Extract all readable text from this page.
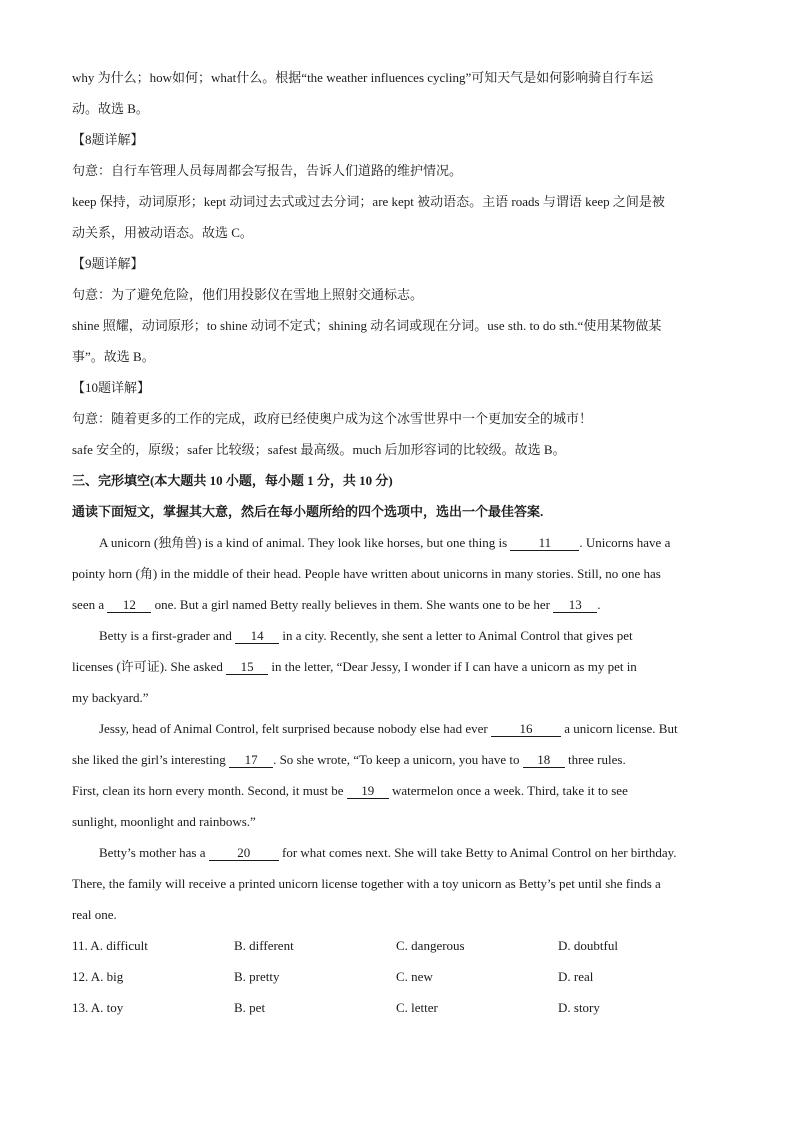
why 为什么；how如何；what什么。根据“the weather influences cycling”可知天气是如何影响骑自行车运

动。故选 B。

【8题详解】

句意：自行车管理人员每周都会写报告，告诉人们道路的维护情况。

keep 保持，动词原形；kept 动词过去式或过去分词；are kept 被动语态。主语 roads 与谓语 keep 之间是被

动关系，用被动语态。故选 C。

【9题详解】

句意：为了避免危险，他们用投影仪在雪地上照射交通标志。

shine 照耀，动词原形；to shine 动词不定式；shining 动名词或现在分词。use sth. to do sth.“使用某物做某

事”。故选 B。

【10题详解】

句意：随着更多的工作的完成，政府已经使奥户成为这个冰雪世界中一个更加安全的城市！

safe 安全的，原级；safer 比较级；safest 最高级。much 后加形容词的比较级。故选 B。

三、完形填空(本大题共 10 小题，每小题 1 分，共 10 分)

通读下面短文，掌握其大意，然后在每小题所给的四个选项中，选出一个最佳答案.

A unicorn (独角兽) is a kind of animal. They look like horses, but one thing is 11 . Unicorns have a

pointy horn (角) in the middle of their head. People have written about unicorns in many stories. Still, no one has

seen a 12 one. But a girl named Betty really believes in them. She wants one to be her 13 .

Betty is a first-grader and 14 in a city. Recently, she sent a letter to Animal Control that gives pet

licenses (许可证). She asked 15 in the letter, “Dear Jessy, I wonder if I can have a unicorn as my pet in

my backyard.”

Jessy, head of Animal Control, felt surprised because nobody else had ever 16 a unicorn license. But

she liked the girl’s interesting 17 . So she wrote, “To keep a unicorn, you have to 18 three rules.

First, clean its horn every month. Second, it must be 19 watermelon once a week. Third, take it to see

sunlight, moonlight and rainbows.”

Betty’s mother has a 20 for what comes next. She will take Betty to Animal Control on her birthday.

There, the family will receive a printed unicorn license together with a toy unicorn as Betty’s pet until she finds a

real one.

11. A. difficult	B. different	C. dangerous	D. doubtful
12. A. big	B. pretty	C. new	D. real
13. A. toy	B. pet	C. letter	D. story
